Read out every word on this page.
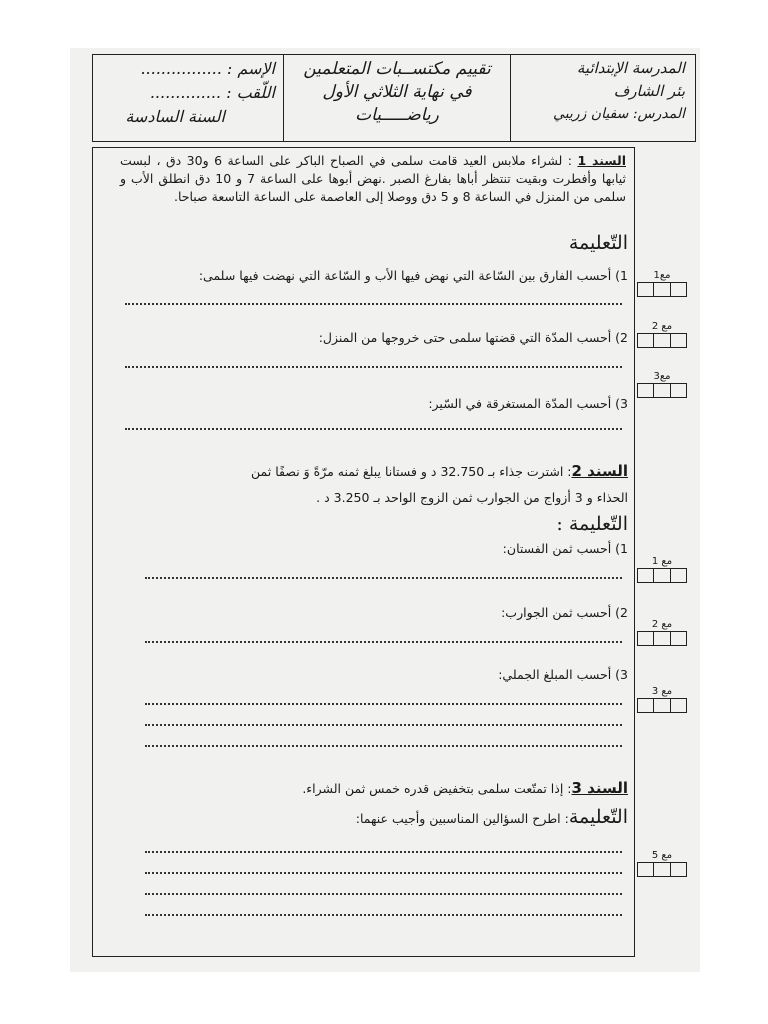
المدرسة الإبتدائية
بئر الشارف
المدرس: سفيان زريبي
تقييم مكتســبات المتعلمين
في نهاية الثلاثي الأول
رياضـــــيات
الإسم : ................
اللّقب : ..............
السنة السادسة
السند 1 : لشراء ملابس العيد قامت سلمى في الصباح الباكر على الساعة 6 و30 دق ، لبست ثيابها وأفطرت وبقيت تنتظر أباها بفارغ الصبر .نهض أبوها على الساعة 7 و 10 دق انطلق الأب و سلمى من المنزل في الساعة 8 و 5 دق ووصلا إلى العاصمة على الساعة التاسعة صباحا.
التّعليمة
1) أحسب الفارق بين السّاعة التي نهض فيها الأب و السّاعة التي نهضت فيها سلمى:
2) أحسب المدّة التي قضتها سلمى حتى خروجها من المنزل:
3) أحسب المدّة المستغرقة في السّير:
السند 2: اشترت جذاء بـ 32.750 د و فستانا يبلغ ثمنه مرّةً وَ نصفًا ثمن
الحذاء و 3 أزواج من الجوارب ثمن الزوج الواحد بـ 3.250 د .
التّعليمة :
1) أحسب ثمن الفستان:
2) أحسب ثمن الجوارب:
3) أحسب المبلغ الجملي:
السند 3: إذا تمتّعت سلمى بتخفيض قدره خمس ثمن الشراء.
التّعليمة: اطرح السؤالين المناسبين وأجيب عنهما:
مع1
مع 2
مع3
مع 1
مع 2
مع 3
مع 5
